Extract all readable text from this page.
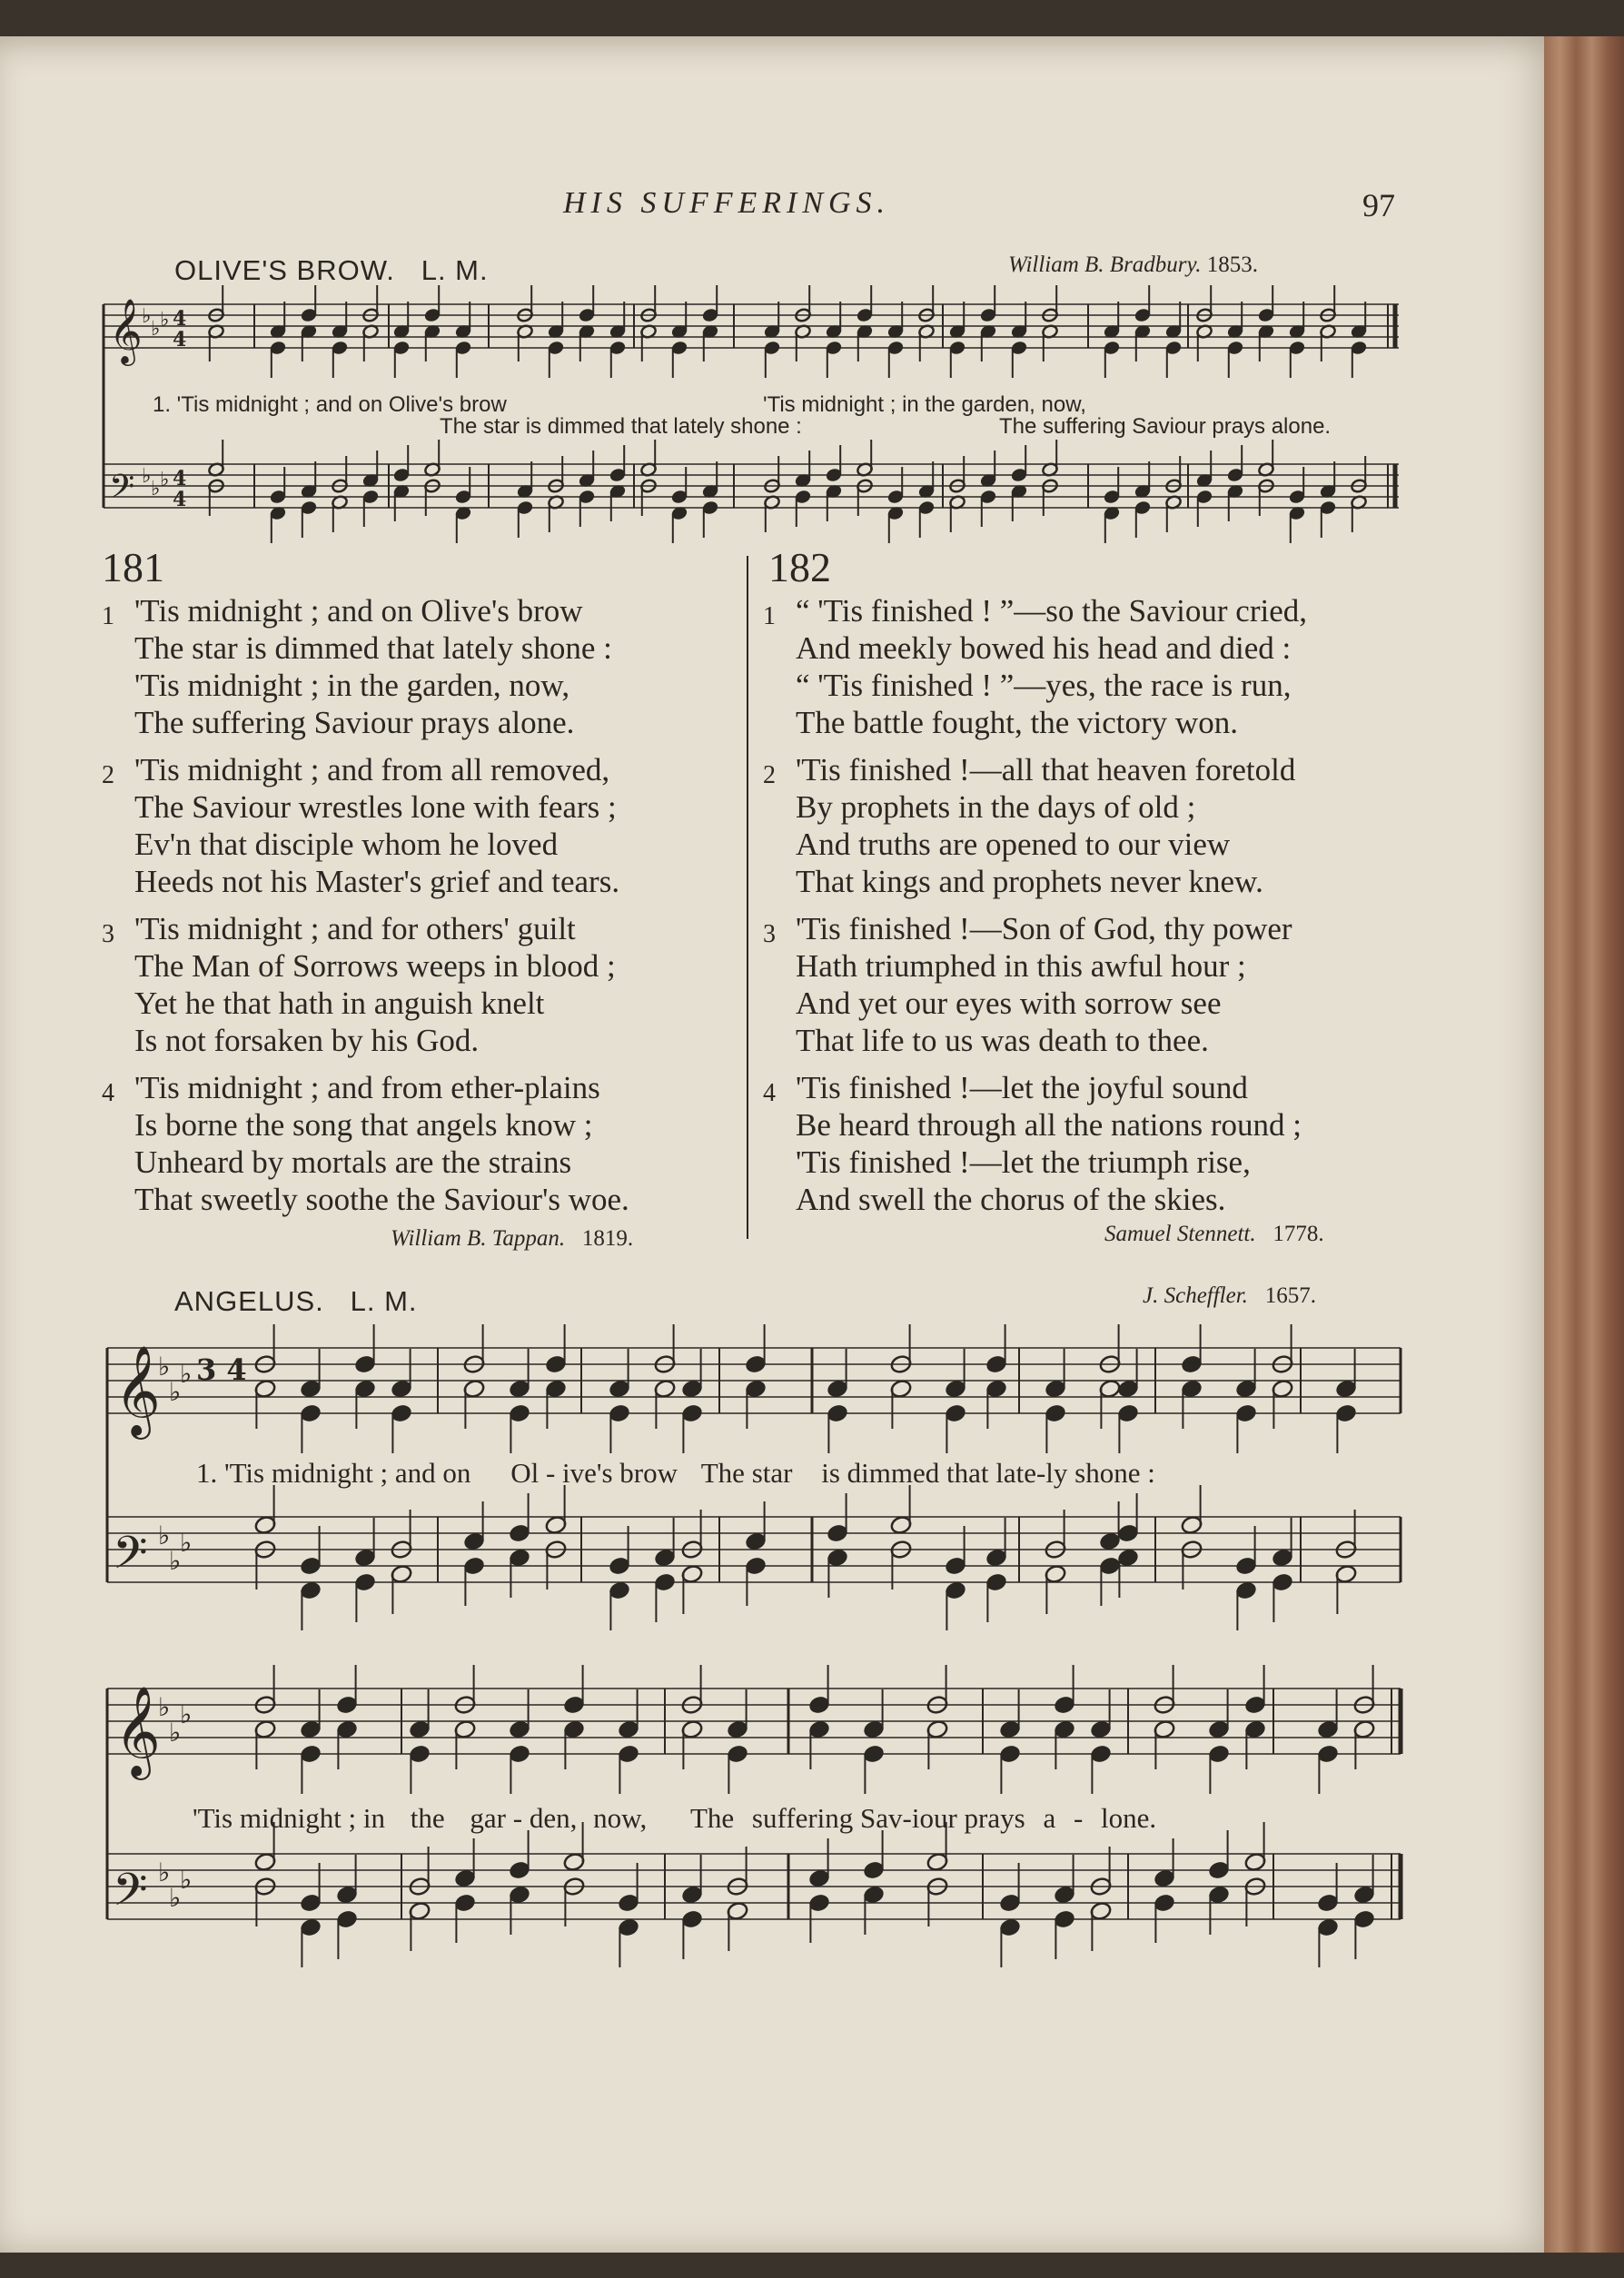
HIS SUFFERINGS.	97
OLIVE'S BROW. L. M.	William B. Bradbury. 1853.
𝄞
𝄢
♭
♭ ♭
♭
♭ ♭
4
4
4
4
1. 'Tis midnight ; and on Olive's brow	'Tis midnight ; in the garden, now,
The star is dimmed that lately shone :	The suffering Saviour prays alone.
181
1 'Tis midnight ; and on Olive's brow
The star is dimmed that lately shone :
'Tis midnight ; in the garden, now,
The suffering Saviour prays alone.
2 'Tis midnight ; and from all removed,
The Saviour wrestles lone with fears ;
Ev'n that disciple whom he loved
Heeds not his Master's grief and tears.
3 'Tis midnight ; and for others' guilt
The Man of Sorrows weeps in blood ;
Yet he that hath in anguish knelt
Is not forsaken by his God.
4 'Tis midnight ; and from ether-plains
Is borne the song that angels know ;
Unheard by mortals are the strains
That sweetly soothe the Saviour's woe.
William B. Tappan. 1819.
182
1 “ 'Tis finished ! ”—so the Saviour cried,
And meekly bowed his head and died :
“ 'Tis finished ! ”—yes, the race is run,
The battle fought, the victory won.
2 'Tis finished !—all that heaven foretold
By prophets in the days of old ;
And truths are opened to our view
That kings and prophets never knew.
3 'Tis finished !—Son of God, thy power
Hath triumphed in this awful hour ;
And yet our eyes with sorrow see
That life to us was death to thee.
4 'Tis finished !—let the joyful sound
Be heard through all the nations round ;
'Tis finished !—let the triumph rise,
And swell the chorus of the skies.
Samuel Stennett. 1778.
ANGELUS. L. M.	J. Scheffler. 1657.
𝄞
𝄢
♭
♭
♭
♭
♭
♭
3 4
1. 'Tis midnight ; and on Ol - ive's brow The star is dimmed that late-ly shone :
𝄞
𝄢
♭
♭
♭
♭
♭
♭
'Tis midnight ; in the gar - den, now, The suffering Sav-iour prays a - lone.
